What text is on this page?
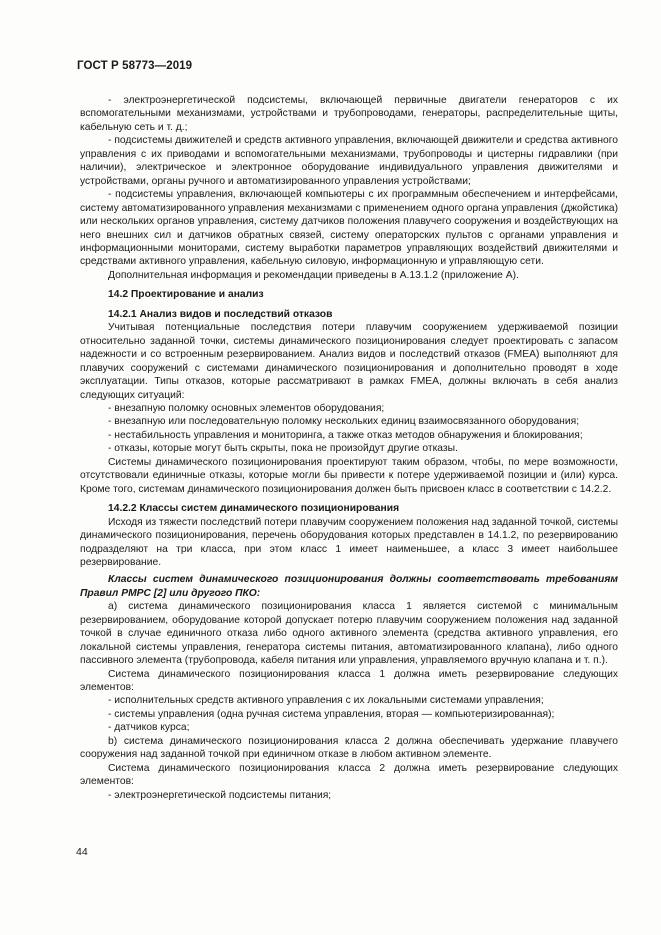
ГОСТ Р 58773—2019

- электроэнергетической подсистемы, включающей первичные двигатели генераторов с их вспомогательными механизмами, устройствами и трубопроводами, генераторы, распределительные щиты, кабельную сеть и т. д.;

- подсистемы движителей и средств активного управления, включающей движители и средства активного управления с их приводами и вспомогательными механизмами, трубопроводы и цистерны гидравлики (при наличии), электрическое и электронное оборудование индивидуального управления движителями и устройствами, органы ручного и автоматизированного управления устройствами;

- подсистемы управления, включающей компьютеры с их программным обеспечением и интерфейсами, систему автоматизированного управления механизмами с применением одного органа управления (джойстика) или нескольких органов управления, систему датчиков положения плавучего сооружения и воздействующих на него внешних сил и датчиков обратных связей, систему операторских пультов с органами управления и информационными мониторами, систему выработки параметров управляющих воздействий движителями и средствами активного управления, кабельную силовую, информационную и управляющую сети.

Дополнительная информация и рекомендации приведены в А.13.1.2 (приложение А).

14.2 Проектирование и анализ

14.2.1 Анализ видов и последствий отказов

Учитывая потенциальные последствия потери плавучим сооружением удерживаемой позиции относительно заданной точки, системы динамического позиционирования следует проектировать с запасом надежности и со встроенным резервированием. Анализ видов и последствий отказов (FMEA) выполняют для плавучих сооружений с системами динамического позиционирования и дополнительно проводят в ходе эксплуатации. Типы отказов, которые рассматривают в рамках FMEA, должны включать в себя анализ следующих ситуаций:

- внезапную поломку основных элементов оборудования;

- внезапную или последовательную поломку нескольких единиц взаимосвязанного оборудования;

- нестабильность управления и мониторинга, а также отказ методов обнаружения и блокирования;

- отказы, которые могут быть скрыты, пока не произойдут другие отказы.

Системы динамического позиционирования проектируют таким образом, чтобы, по мере возможности, отсутствовали единичные отказы, которые могли бы привести к потере удерживаемой позиции и (или) курса. Кроме того, системам динамического позиционирования должен быть присвоен класс в соответствии с 14.2.2.

14.2.2 Классы систем динамического позиционирования

Исходя из тяжести последствий потери плавучим сооружением положения над заданной точкой, системы динамического позиционирования, перечень оборудования которых представлен в 14.1.2, по резервированию подразделяют на три класса, при этом класс 1 имеет наименьшее, а класс 3 имеет наибольшее резервирование.

Классы систем динамического позиционирования должны соответствовать требованиям Правил РМРС [2] или другого ПКО:

a) система динамического позиционирования класса 1 является системой с минимальным резервированием, оборудование которой допускает потерю плавучим сооружением положения над заданной точкой в случае единичного отказа либо одного активного элемента (средства активного управления, его локальной системы управления, генератора системы питания, автоматизированного клапана), либо одного пассивного элемента (трубопровода, кабеля питания или управления, управляемого вручную клапана и т. п.).

Система динамического позиционирования класса 1 должна иметь резервирование следующих элементов:

- исполнительных средств активного управления с их локальными системами управления;

- системы управления (одна ручная система управления, вторая — компьютеризированная);

- датчиков курса;

b) система динамического позиционирования класса 2 должна обеспечивать удержание плавучего сооружения над заданной точкой при единичном отказе в любом активном элементе.

Система динамического позиционирования класса 2 должна иметь резервирование следующих элементов:

- электроэнергетической подсистемы питания;

44
